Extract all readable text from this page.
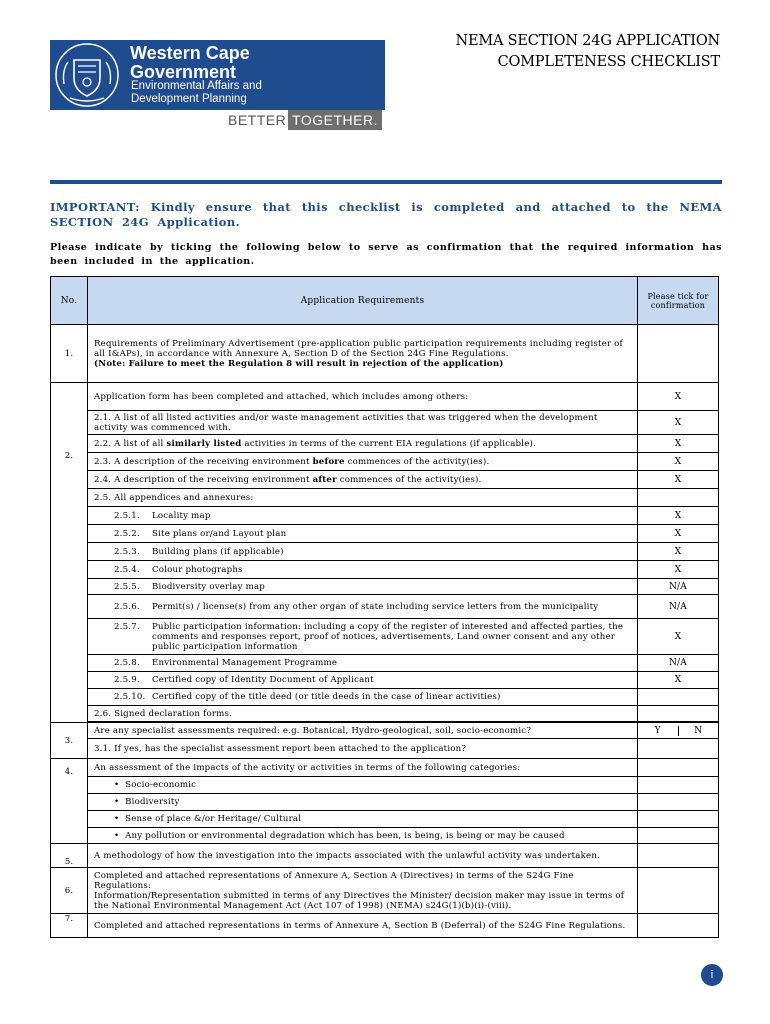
Western Cape
Government
Environmental Affairs and
Development Planning
BETTER TOGETHER.
NEMA SECTION 24G APPLICATION
COMPLETENESS CHECKLIST
IMPORTANT: Kindly ensure that this checklist is completed and attached to the NEMA SECTION 24G Application.
Please indicate by ticking the following below to serve as confirmation that the required information has been included in the application.
No.	Application Requirements	Please tick for confirmation
1.	Requirements of Preliminary Advertisement (pre-application public participation requirements including register of all I&APs), in accordance with Annexure A, Section D of the Section 24G Fine Regulations.
(Note: Failure to meet the Regulation 8 will result in rejection of the application)	

2.	Application form has been completed and attached, which includes among others:	X
	2.1. A list of all listed activities and/or waste management activities that was triggered when the development activity was commenced with.	X
	2.2. A list of all similarly listed activities in terms of the current EIA regulations (if applicable).	X
	2.3. A description of the receiving environment before commences of the activity(ies).	X
	2.4. A description of the receiving environment after commences of the activity(ies).	X
	2.5. All appendices and annexures:	
	2.5.1. Locality map	X
	2.5.2. Site plans or/and Layout plan	X
	2.5.3. Building plans (if applicable)	X
	2.5.4. Colour photographs	X
	2.5.5. Biodiversity overlay map	N/A

	2.5.6. Permit(s) / license(s) from any other organ of state including service letters from the municipality	N/A

	2.5.7. Public participation information: including a copy of the register of interested and affected parties, the comments and responses report, proof of notices, advertisements, Land owner consent and any other public participation information	X
	2.5.8. Environmental Management Programme	N/A
	2.5.9. Certified copy of Identity Document of Applicant	X
	2.5.10. Certified copy of the title deed (or title deeds in the case of linear activities)	
	2.6. Signed declaration forms.	

3.	Are any specialist assessments required: e.g. Botanical, Hydro-geological, soil, socio-economic?	Y N

	3.1. If yes, has the specialist assessment report been attached to the application?	
4.	An assessment of the impacts of the activity or activities in terms of the following categories:	
	•  Socio-economic	
	•  Biodiversity	
	•  Sense of place &/or Heritage/ Cultural	
	•  Any pollution or environmental degradation which has been, is being, is being or may be caused	
5.	A methodology of how the investigation into the impacts associated with the unlawful activity was undertaken.	
6.	Completed and attached representations of Annexure A, Section A (Directives) in terms of the S24G Fine Regulations:
Information/Representation submitted in terms of any Directives the Minister/ decision maker may issue in terms of the National Environmental Management Act (Act 107 of 1998) (NEMA) s24G(1)(b)(i)-(viii).	

7.	Completed and attached representations in terms of Annexure A, Section B (Deferral) of the S24G Fine Regulations.	
i
